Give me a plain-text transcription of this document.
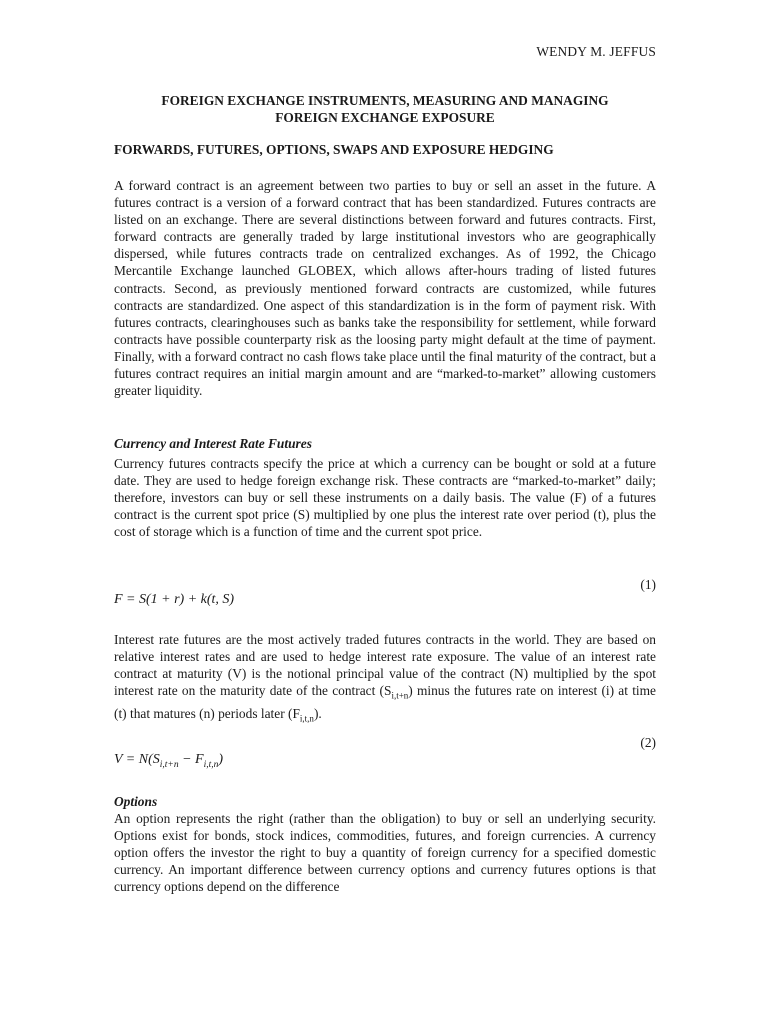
WENDY M. JEFFUS
FOREIGN EXCHANGE INSTRUMENTS, MEASURING AND MANAGING
FOREIGN EXCHANGE EXPOSURE
FORWARDS, FUTURES, OPTIONS, SWAPS AND EXPOSURE HEDGING
A forward contract is an agreement between two parties to buy or sell an asset in the future. A futures contract is a version of a forward contract that has been standardized. Futures contracts are listed on an exchange. There are several distinctions between forward and futures contracts. First, forward contracts are generally traded by large institutional investors who are geographically dispersed, while futures contracts trade on centralized exchanges. As of 1992, the Chicago Mercantile Exchange launched GLOBEX, which allows after-hours trading of listed futures contracts. Second, as previously mentioned forward contracts are customized, while futures contracts are standardized. One aspect of this standardization is in the form of payment risk. With futures contracts, clearinghouses such as banks take the responsibility for settlement, while forward contracts have possible counterparty risk as the loosing party might default at the time of payment. Finally, with a forward contract no cash flows take place until the final maturity of the contract, but a futures contract requires an initial margin amount and are “marked-to-market” allowing customers greater liquidity.
Currency and Interest Rate Futures
Currency futures contracts specify the price at which a currency can be bought or sold at a future date. They are used to hedge foreign exchange risk. These contracts are “marked-to-market” daily; therefore, investors can buy or sell these instruments on a daily basis. The value (F) of a futures contract is the current spot price (S) multiplied by one plus the interest rate over period (t), plus the cost of storage which is a function of time and the current spot price.
(1)
F = S(1 + r) + k(t, S)
Interest rate futures are the most actively traded futures contracts in the world. They are based on relative interest rates and are used to hedge interest rate exposure. The value of an interest rate contract at maturity (V) is the notional principal value of the contract (N) multiplied by the spot interest rate on the maturity date of the contract $(S_{i,t+n})$ minus the futures rate on interest (i) at time (t) that matures (n) periods later $(F_{i,t,n})$.
(2)
$V = N(S_{i,t+n} - F_{i,t,n})$
Options
An option represents the right (rather than the obligation) to buy or sell an underlying security. Options exist for bonds, stock indices, commodities, futures, and foreign currencies. A currency option offers the investor the right to buy a quantity of foreign currency for a specified domestic currency. An important difference between currency options and currency futures options is that currency options depend on the difference
